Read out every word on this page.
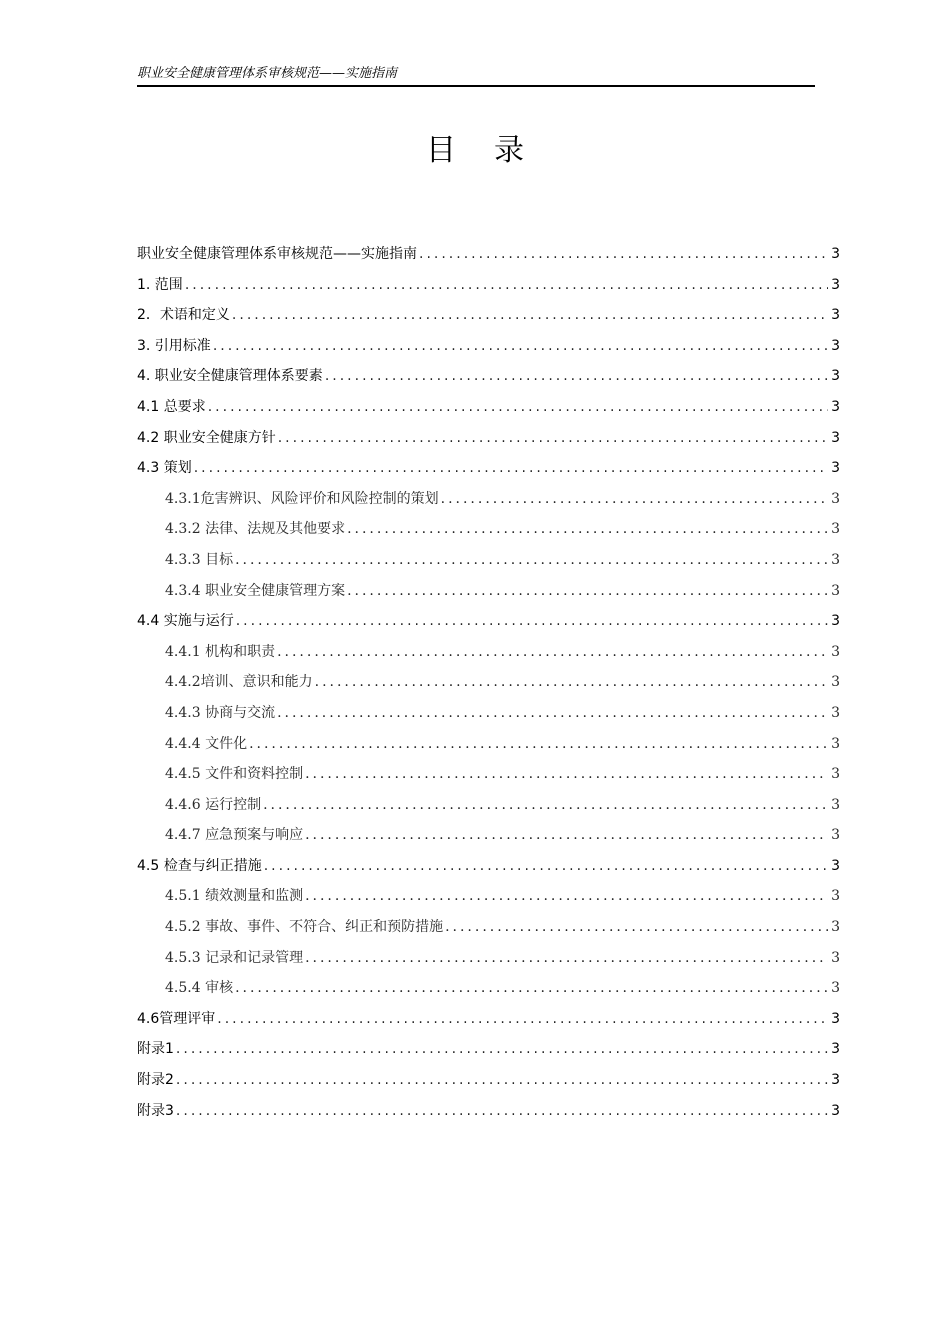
职业安全健康管理体系审核规范——实施指南
目录
职业安全健康管理体系审核规范——实施指南 .....	3
1. 范围 .....	3
2．术语和定义 .....	3
3. 引用标准 .....	3
4. 职业安全健康管理体系要素 .....	3
4.1 总要求 .....	3
4.2 职业安全健康方针 .....	3
4.3 策划 .....	3
4.3.1危害辨识、风险评价和风险控制的策划 .....	3
4.3.2 法律、法规及其他要求 .....	3
4.3.3 目标 .....	3
4.3.4 职业安全健康管理方案 .....	3
4.4 实施与运行 .....	3
4.4.1 机构和职责 .....	3
4.4.2培训、意识和能力 .....	3
4.4.3 协商与交流 .....	3
4.4.4 文件化 .....	3
4.4.5 文件和资料控制 .....	3
4.4.6 运行控制 .....	3
4.4.7 应急预案与响应 .....	3
4.5 检查与纠正措施 .....	3
4.5.1 绩效测量和监测 .....	3
4.5.2 事故、事件、不符合、纠正和预防措施 .....	3
4.5.3 记录和记录管理 .....	3
4.5.4 审核 .....	3
4.6管理评审 .....	3
附录1 .....	3
附录2 .....	3
附录3 .....	3
